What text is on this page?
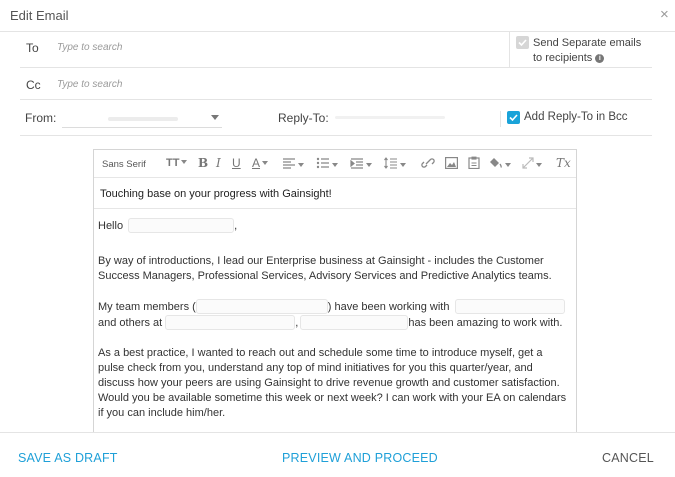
Edit Email	×
To Type to search	Send Separate emails
to recipients i
Cc Type to search
From:	Reply-To:	Add Reply-To in Bcc
Sans Serif TT	B I U A	Tx
Touching base on your progress with Gainsight!
Hello	,
By way of introductions, I lead our Enterprise business at Gainsight - includes the Customer
Success Managers, Professional Services, Advisory Services and Predictive Analytics teams.
My team members (	) have been working with
and others at	,	has been amazing to work with.
As a best practice, I wanted to reach out and schedule some time to introduce myself, get a
pulse check from you, understand any top of mind initiatives for you this quarter/year, and
discuss how your peers are using Gainsight to drive revenue growth and customer satisfaction.
Would you be available sometime this week or next week? I can work with your EA on calendars
if you can include him/her.
SAVE AS DRAFT	PREVIEW AND PROCEED	CANCEL
